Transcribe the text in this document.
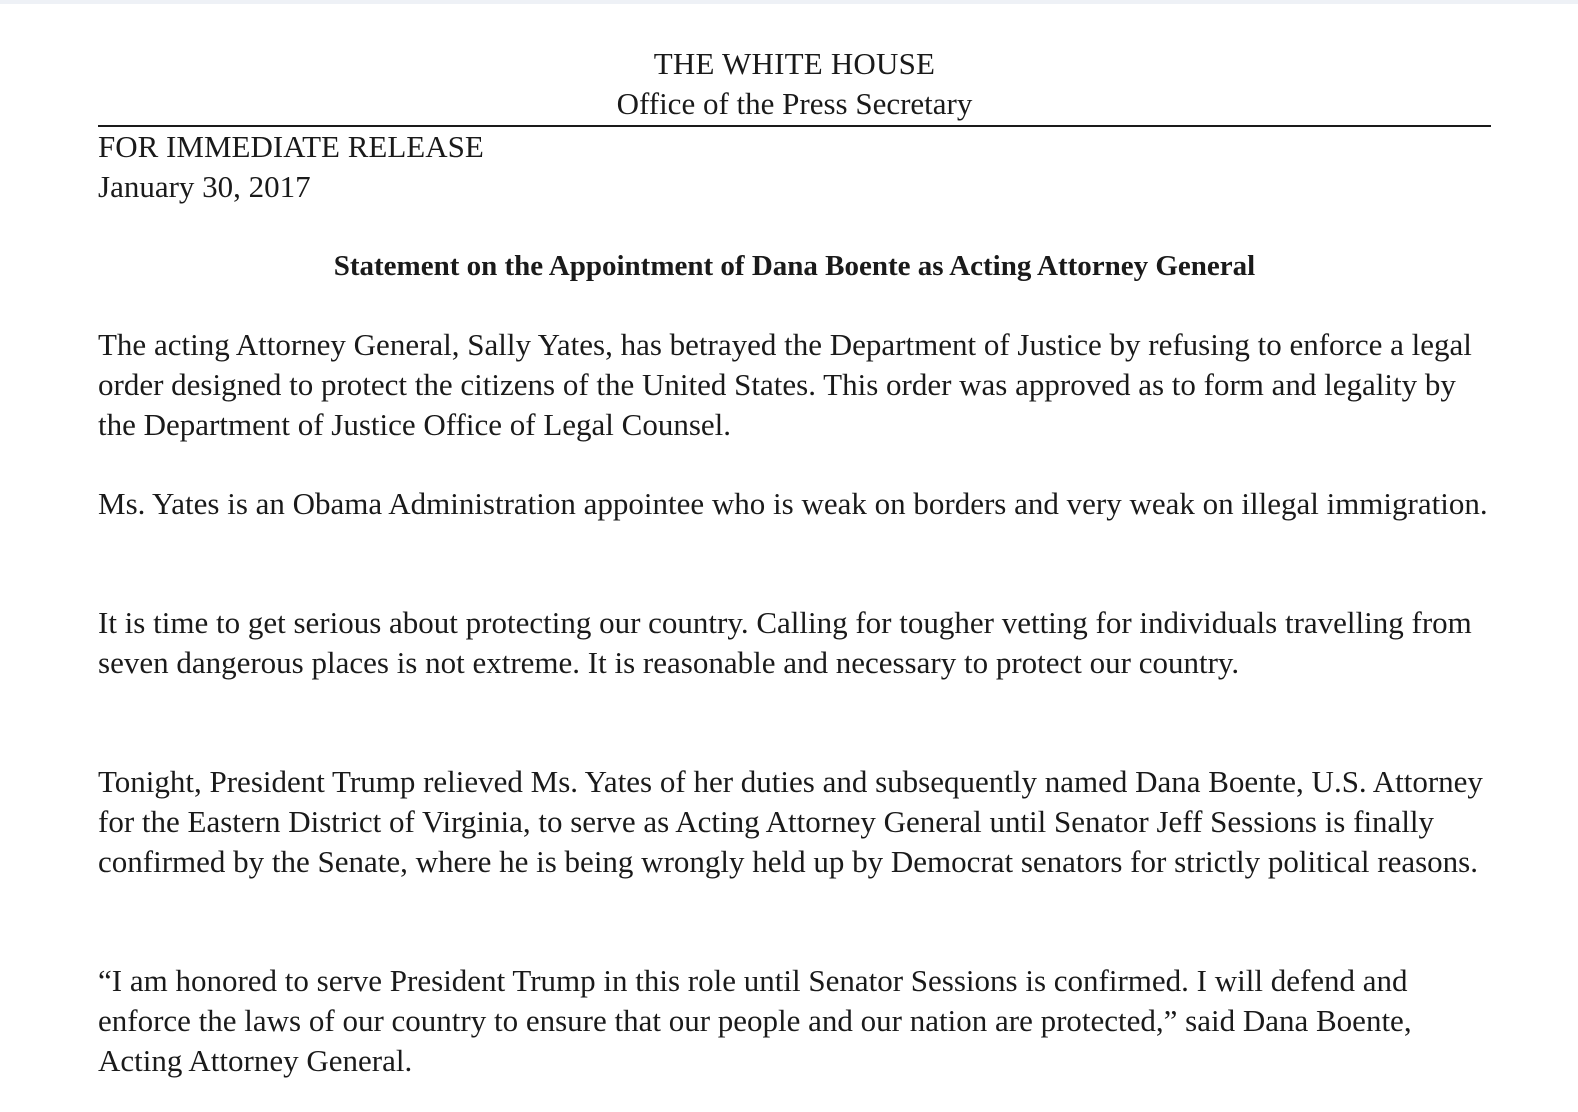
THE WHITE HOUSE
Office of the Press Secretary
FOR IMMEDIATE RELEASE
January 30, 2017
Statement on the Appointment of Dana Boente as Acting Attorney General

The acting Attorney General, Sally Yates, has betrayed the Department of Justice by refusing to enforce a legal order designed to protect the citizens of the United States. This order was approved as to form and legality by the Department of Justice Office of Legal Counsel.

Ms. Yates is an Obama Administration appointee who is weak on borders and very weak on illegal immigration.

It is time to get serious about protecting our country. Calling for tougher vetting for individuals travelling from seven dangerous places is not extreme. It is reasonable and necessary to protect our country.

Tonight, President Trump relieved Ms. Yates of her duties and subsequently named Dana Boente, U.S. Attorney for the Eastern District of Virginia, to serve as Acting Attorney General until Senator Jeff Sessions is finally confirmed by the Senate, where he is being wrongly held up by Democrat senators for strictly political reasons.

“I am honored to serve President Trump in this role until Senator Sessions is confirmed. I will defend and enforce the laws of our country to ensure that our people and our nation are protected,” said Dana Boente, Acting Attorney General.
